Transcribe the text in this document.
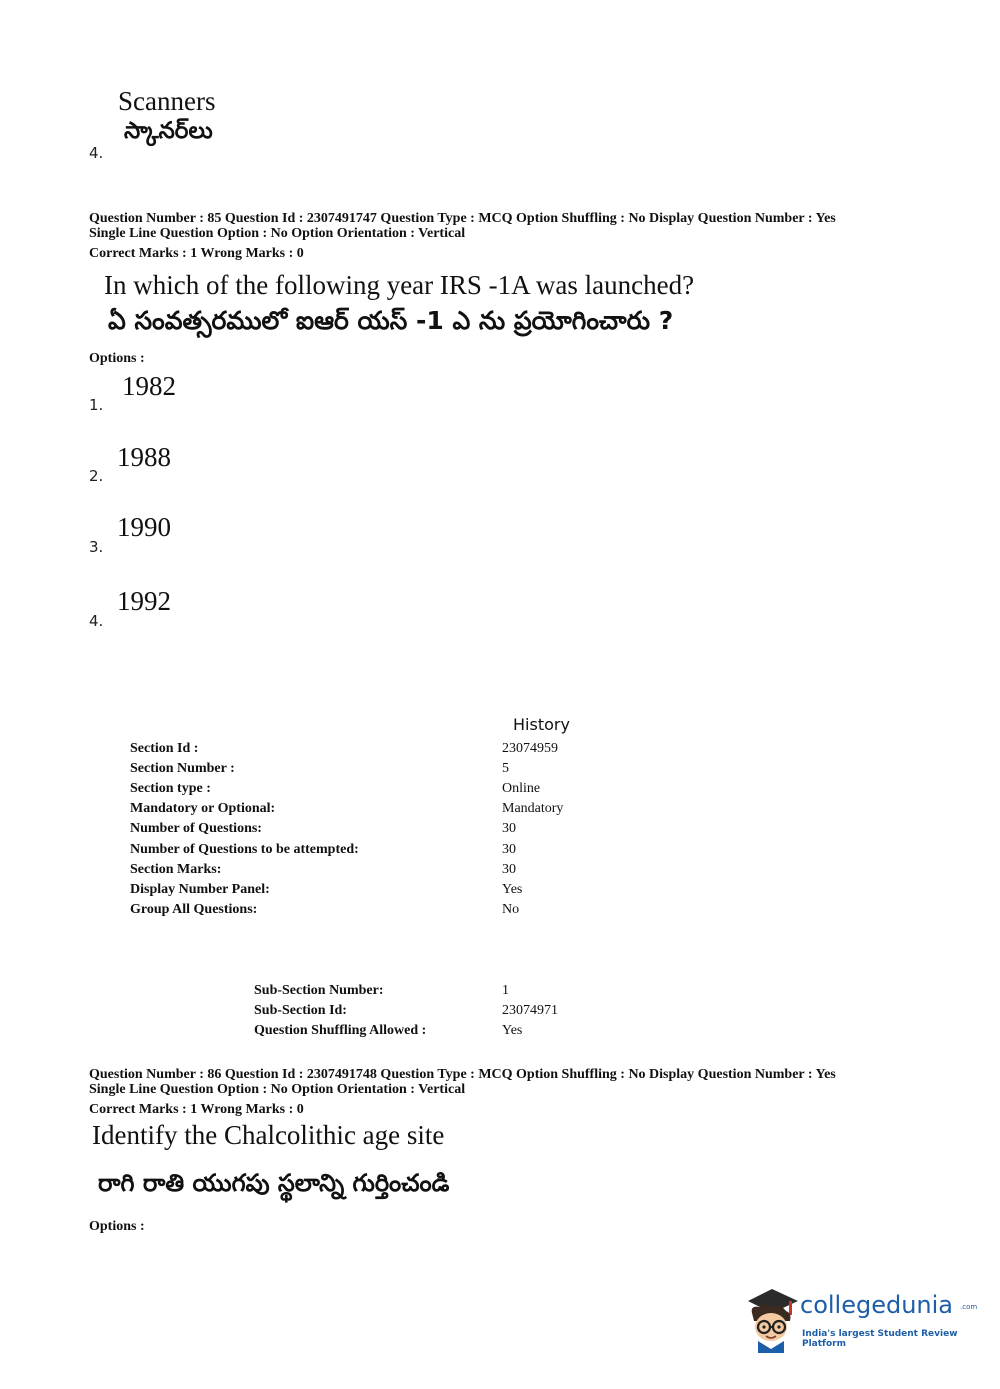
Scanners
స్కానర్‌లు
4.
Question Number : 85 Question Id : 2307491747 Question Type : MCQ Option Shuffling : No Display Question Number : Yes
Single Line Question Option : No Option Orientation : Vertical
Correct Marks : 1 Wrong Marks : 0
In which of the following year IRS -1A was launched?
ఏ సంవత్సరములో ఐఆర్ యస్ -1 ఎ ను ప్రయోగించారు ?
Options :
1982
1.
1988
2.
1990
3.
1992
4.
History
Section Id :	23074959
Section Number :	5
Section type :	Online
Mandatory or Optional:	Mandatory
Number of Questions:	30
Number of Questions to be attempted:	30
Section Marks:	30
Display Number Panel:	Yes
Group All Questions:	No
Sub-Section Number:	1
Sub-Section Id:	23074971
Question Shuffling Allowed :	Yes
Question Number : 86 Question Id : 2307491748 Question Type : MCQ Option Shuffling : No Display Question Number : Yes
Single Line Question Option : No Option Orientation : Vertical
Correct Marks : 1 Wrong Marks : 0
Identify the Chalcolithic age site
రాగి రాతి యుగపు స్థలాన్ని గుర్తించండి
Options :
collegedunia .com
India's largest Student Review Platform
